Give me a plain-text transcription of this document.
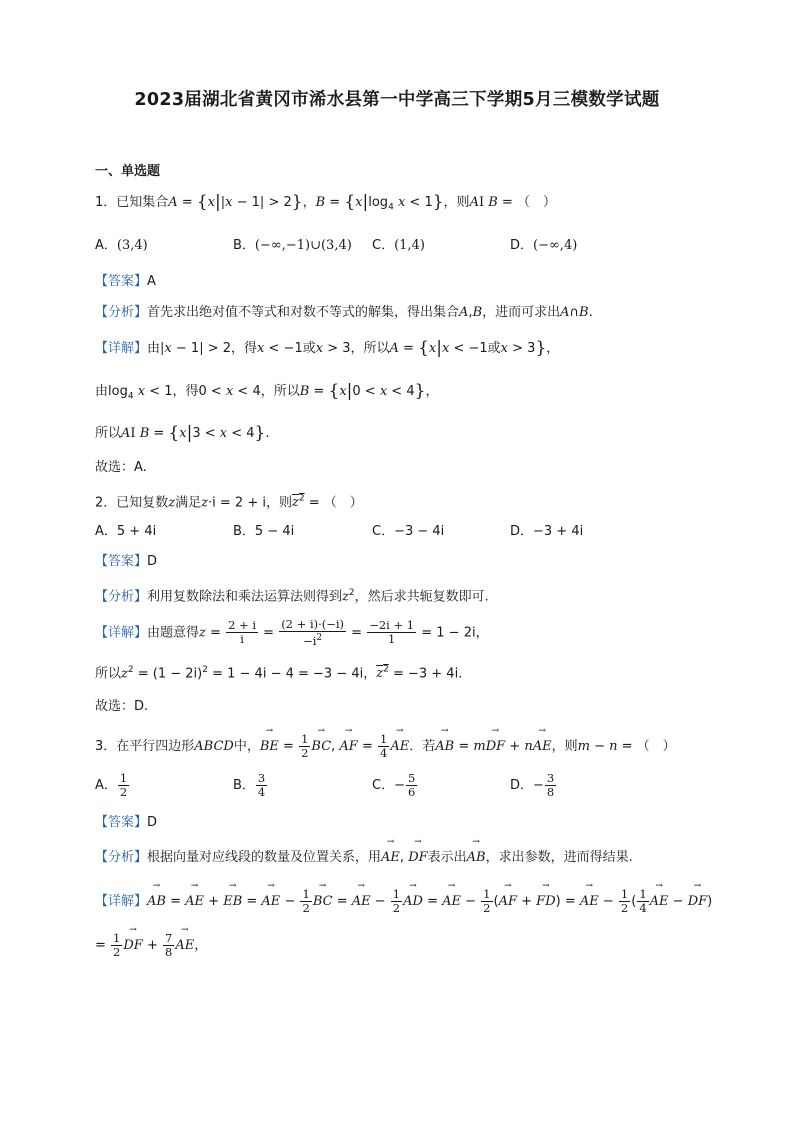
2023届湖北省黄冈市浠水县第一中学高三下学期5月三模数学试题
一、单选题
1．已知集合A = {x||x − 1| > 2}，$B = \{x|\log_4$ x < 1}，则AI B = （　）
A．(3,4)	B．(−∞,−1)∪(3,4) C．(1,4)	D．(−∞,4)
【答案】A
【分析】首先求出绝对值不等式和对数不等式的解集，得出集合A,B，进而可求出A∩B.
【详解】由|x − 1| > 2，得x < −1或x > 3，所以A = {x|x < −1或x > 3}，
由$\log_4 x < 1$，得0 < x < 4，所以B = {x|0 < x < 4}，
所以AI B = {x|3 < x < 4}.
故选：A.
2．已知复数z满足z·i = 2 + i，则$z^2$ = （　）
A．5 + 4i	B．5 − 4i	C．−3 − 4i	D．−3 + 4i
【答案】D
【分析】利用复数除法和乘法运算法则得到$z^2$，然后求共轭复数即可.
【详解】由题意得$z = \frac{2 + i}{i} = \frac{(2 + i)\cdot(-i)}{-i^2} = \frac{-2i + 1}{1} = 1 - 2i$，
所以$z^2 = (1 - 2i)^2 = 1 - 4i - 4 = -3 - 4i$，$z^2 = -3 + 4i$.
故选：D.
3．在平行四边形ABCD中，→ BE = $\frac{1}{2}$ → BC, → AF = $\frac{1}{4}$ → AE．若→ AB = m→ DF + n→ AE，则m − n = （　）
A． $\frac{1}{2}$	B． $\frac{3}{4}$	C．− $\frac{5}{6}$	D．− $\frac{3}{8}$
【答案】D
【分析】根据向量对应线段的数量及位置关系，用→ AE, → DF表示出→ AB，求出参数，进而得结果.
【详解】→ AB = → AE + → EB = → AE − $\frac{1}{2}$ → BC = → AE − $\frac{1}{2}$ → AD = → AE − $\frac{1}{2}$ (→ AF + → FD) = → AE − $\frac{1}{2}$ ( $\frac{1}{4}$ → AE − → DF)
= $\frac{1}{2}$ → DF + $\frac{7}{8}$ → AE，
